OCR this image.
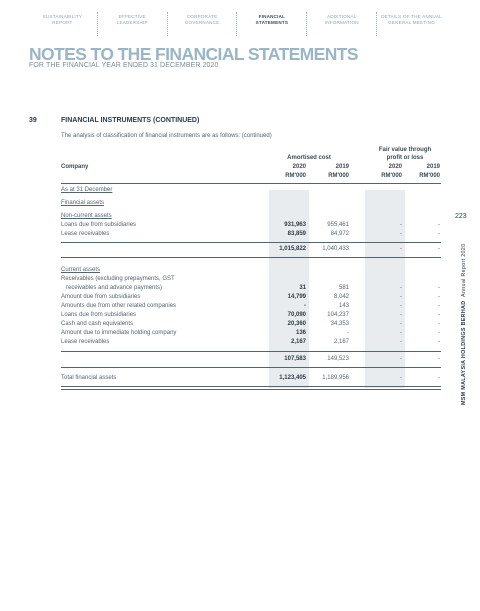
SUSTAINABILITY
REPORT
EFFECTIVE
LEADERSHIP
CORPORATE
GOVERNANCE
FINANCIAL
STATEMENTS
ADDITIONAL
INFORMATION
DETAILS OF THE ANNUAL
GENERAL MEETING
NOTES TO THE FINANCIAL STATEMENTS
FOR THE FINANCIAL YEAR ENDED 31 DECEMBER 2020
39	FINANCIAL INSTRUMENTS (CONTINUED)
The analysis of classification of financial instruments are as follows: (continued)
223
MSM MALAYSIA HOLDINGS BERHAD  Annual Report 2020
Fair value through
profit or loss
Amortised cost
Company	2020	2019	2020	2019
RM'000	RM'000	RM'000	RM'000
As at 31 December
Financial assets
Non-current assets
Loans due from subsidiaries	931,963	955,461	-	-
Lease receivables	83,859	84,972	-	-
1,015,822	1,040,433	-	-
Current assets
Receivables (excluding prepayments, GST
receivables and advance payments)	31	581	-	-
Amount due from subsidiaries	14,799	8,042	-	-
Amounts due from other related companies	-	143	-	-
Loans due from subsidiaries	70,090	104,237	-	-
Cash and cash equivalents	20,360	34,353	-	-
Amount due to immediate holding company	136	-	-	-
Lease receivables	2,167	2,167	-	-
107,583	149,523	-	-
Total financial assets	1,123,405	1,189,956	-	-
